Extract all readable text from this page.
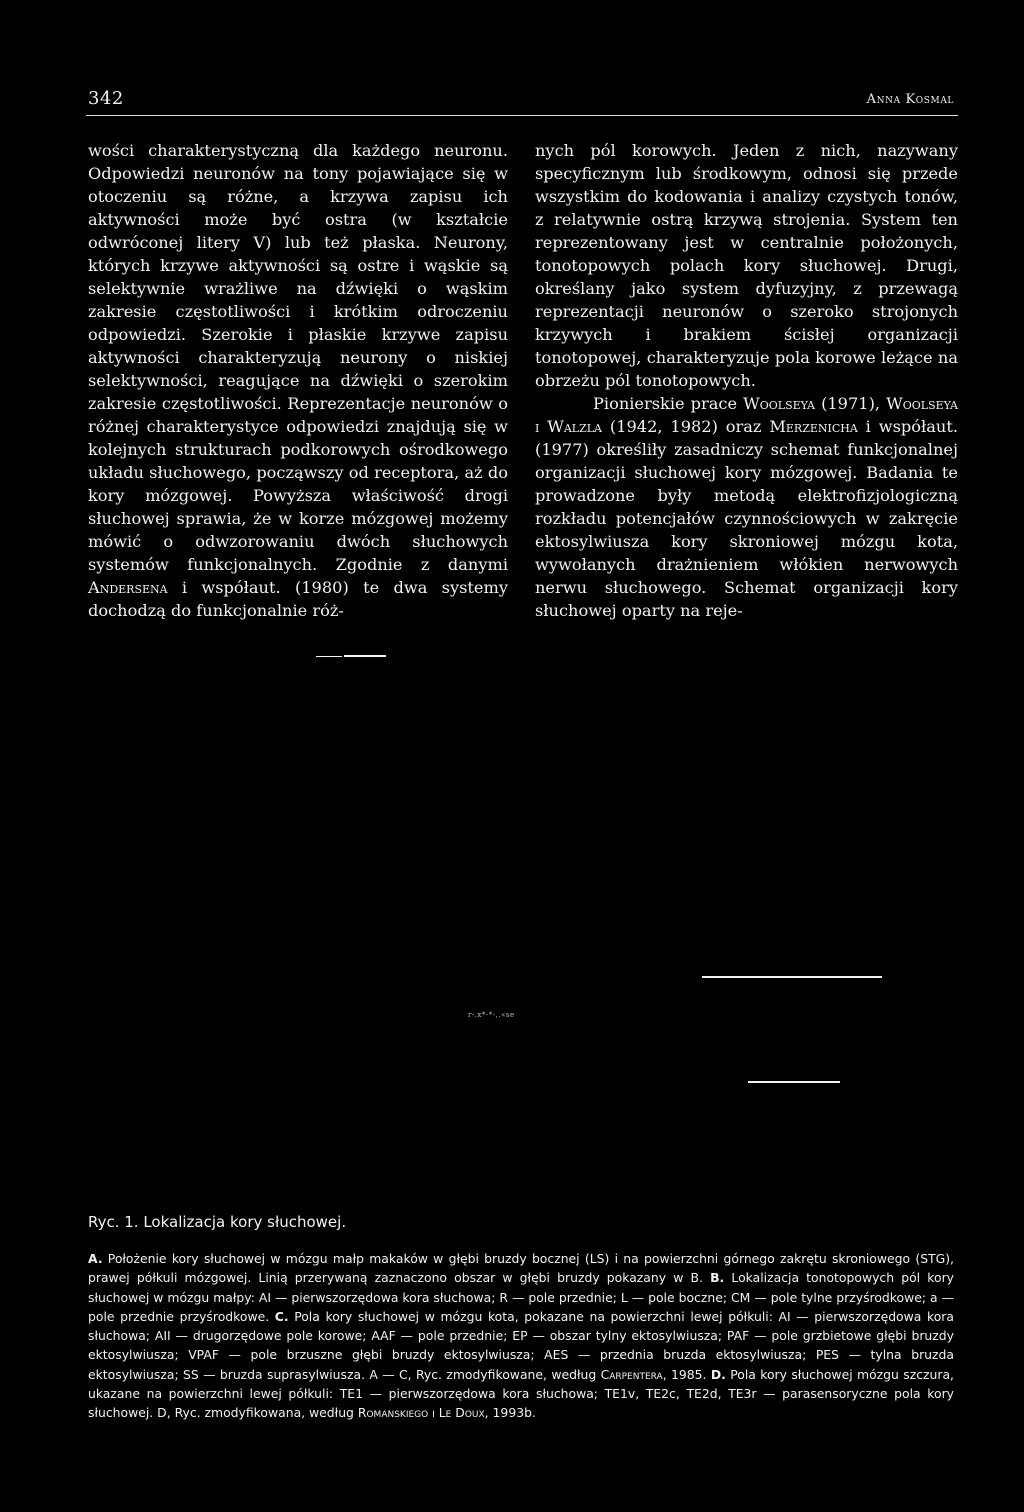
342	Anna Kosmal

wości charakterystyczną dla każdego neuronu. Odpowiedzi neuronów na tony pojawiające się w otoczeniu są różne, a krzywa zapisu ich aktywności może być ostra (w kształcie odwróconej litery V) lub też płaska. Neurony, których krzywe aktywności są ostre i wąskie są selektywnie wrażliwe na dźwięki o wąskim zakresie częstotliwości i krótkim odroczeniu odpowiedzi. Szerokie i płaskie krzywe zapisu aktywności charakteryzują neurony o niskiej selektywności, reagujące na dźwięki o szerokim zakresie częstotliwości. Reprezentacje neuronów o różnej charakterystyce odpowiedzi znajdują się w kolejnych strukturach podkorowych ośrodkowego układu słuchowego, począwszy od receptora, aż do kory mózgowej. Powyższa właściwość drogi słuchowej sprawia, że w korze mózgowej możemy mówić o odwzorowaniu dwóch słuchowych systemów funkcjonalnych. Zgodnie z danymi Andersena i współaut. (1980) te dwa systemy dochodzą do funkcjonalnie róż-

nych pól korowych. Jeden z nich, nazywany specyficznym lub środkowym, odnosi się przede wszystkim do kodowania i analizy czystych tonów, z relatywnie ostrą krzywą strojenia. System ten reprezentowany jest w centralnie położonych, tonotopowych polach kory słuchowej. Drugi, określany jako system dyfuzyjny, z przewagą reprezentacji neuronów o szeroko strojonych krzywych i brakiem ścisłej organizacji tonotopowej, charakteryzuje pola korowe leżące na obrzeżu pól tonotopowych.

Pionierskie prace Woolseya (1971), Woolseya i Walzla (1942, 1982) oraz Merzenicha i współaut. (1977) określiły zasadniczy schemat funkcjonalnej organizacji słuchowej kory mózgowej. Badania te prowadzone były metodą elektrofizjologiczną rozkładu potencjałów czynnościowych w zakręcie ektosylwiusza kory skroniowej mózgu kota, wywołanych drażnieniem włókien nerwowych nerwu słuchowego. Schemat organizacji kory słuchowej oparty na reje-

r-.x*-*-,.«se
Ryc. 1. Lokalizacja kory słuchowej.

A. Położenie kory słuchowej w mózgu małp makaków w głębi bruzdy bocznej (LS) i na powierzchni górnego zakrętu skroniowego (STG), prawej półkuli mózgowej. Linią przerywaną zaznaczono obszar w głębi bruzdy pokazany w B. B. Lokalizacja tonotopowych pól kory słuchowej w mózgu małpy: AI — pierwszorzędowa kora słuchowa; R — pole przednie; L — pole boczne; CM — pole tylne przyśrodkowe; a — pole przednie przyśrodkowe. C. Pola kory słuchowej w mózgu kota, pokazane na powierzchni lewej półkuli: AI — pierwszorzędowa kora słuchowa; AII — drugorzędowe pole korowe; AAF — pole przednie; EP — obszar tylny ektosylwiusza; PAF — pole grzbietowe głębi bruzdy ektosylwiusza; VPAF — pole brzuszne głębi bruzdy ektosylwiusza; AES — przednia bruzda ektosylwiusza; PES — tylna bruzda ektosylwiusza; SS — bruzda suprasylwiusza. A — C, Ryc. zmodyfikowane, według Carpentera, 1985. D. Pola kory słuchowej mózgu szczura, ukazane na powierzchni lewej półkuli: TE1 — pierwszorzędowa kora słuchowa; TE1v, TE2c, TE2d, TE3r — parasensoryczne pola kory słuchowej. D, Ryc. zmodyfikowana, według Romanskiego i Le Doux, 1993b.
